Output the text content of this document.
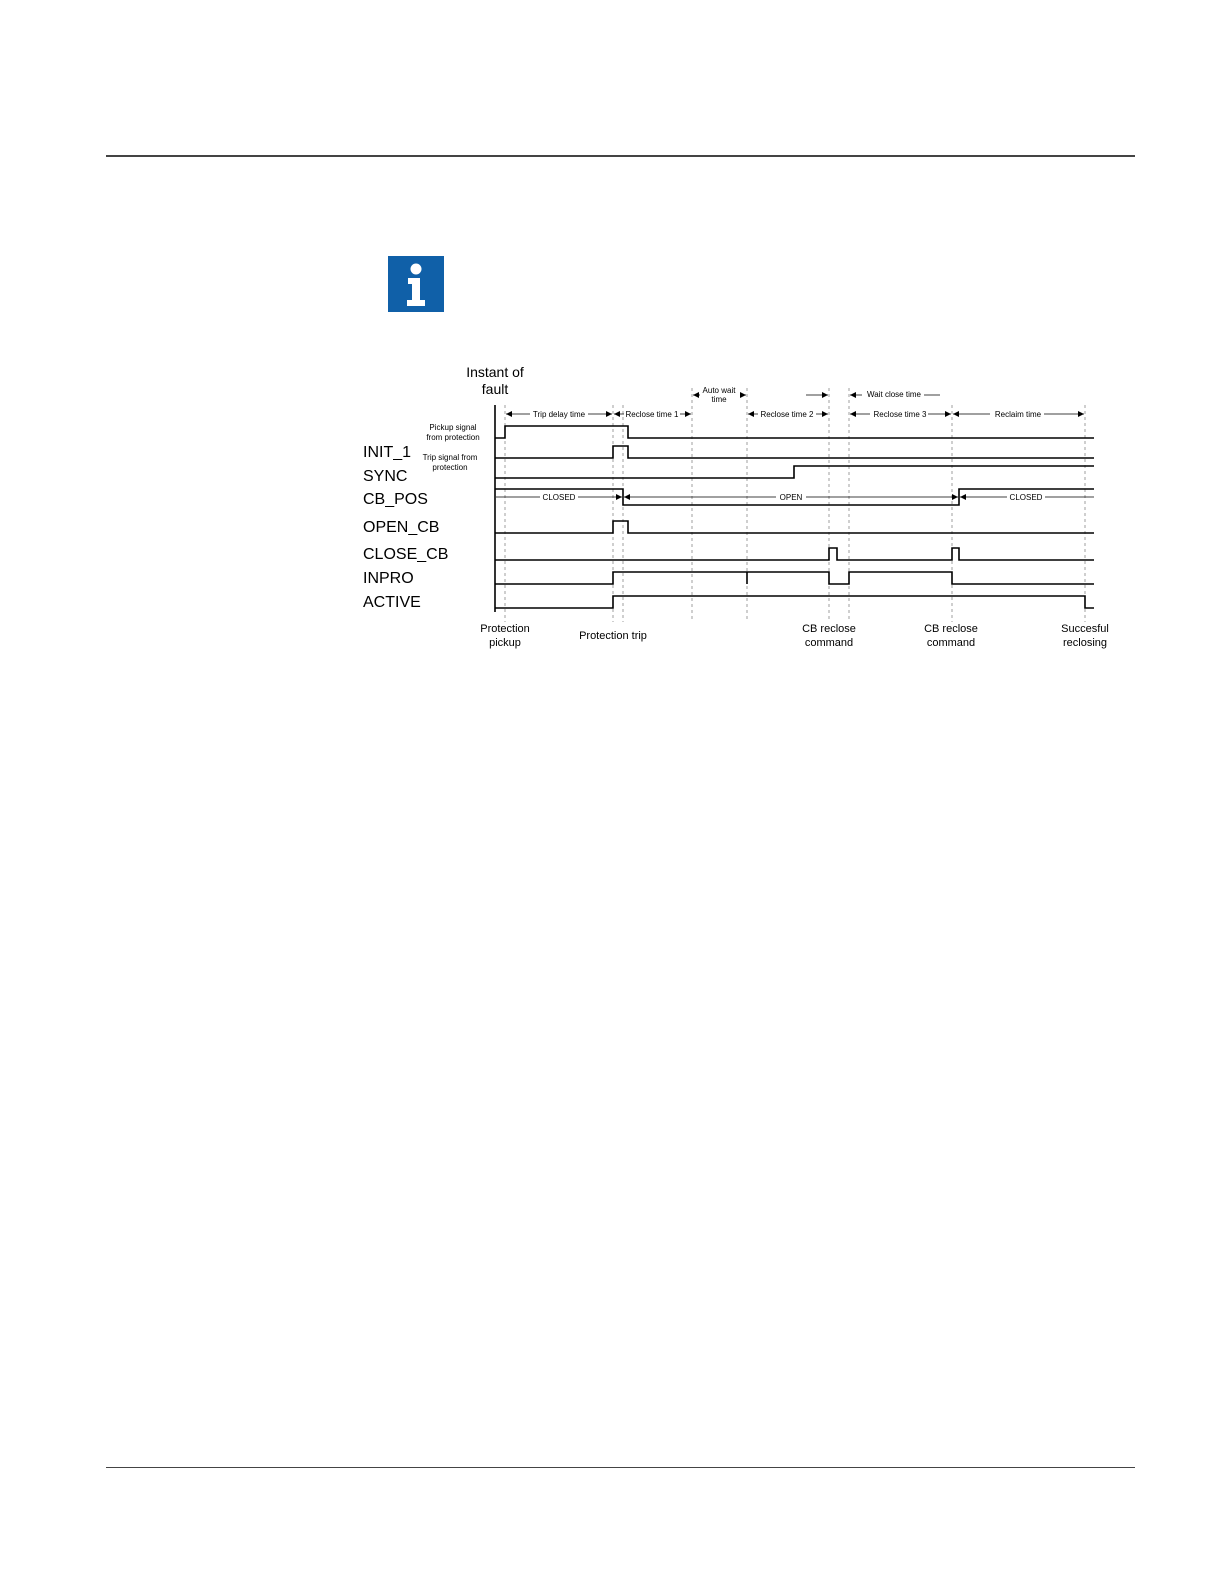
Instant of
fault
Trip delay time	Reclose time 1
Auto wait
time
Reclose time 2
Wait close time
Reclose time 3	Reclaim time
Pickup signal
from protection
Trip signal from
protection
INIT_1
SYNC
CB_POS
OPEN_CB
CLOSE_CB
INPRO
ACTIVE
CLOSED	OPEN	CLOSED
Protection
pickup
Protection trip
CB reclose
command
CB reclose
command
Succesful
reclosing
